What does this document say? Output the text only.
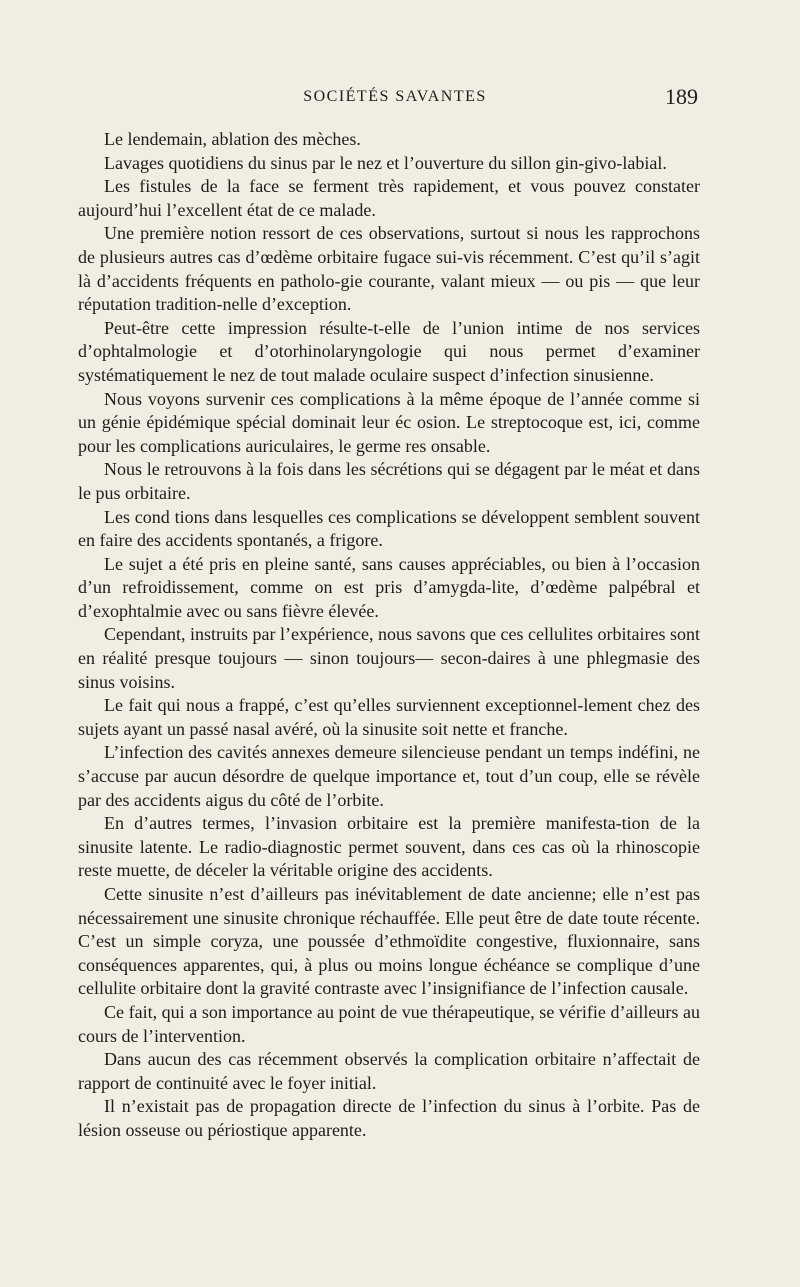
SOCIÉTÉS SAVANTES	189

Le lendemain, ablation des mèches.

Lavages quotidiens du sinus par le nez et l’ouverture du sillon gin-givo-labial.

Les fistules de la face se ferment très rapidement, et vous pouvez constater aujourd’hui l’excellent état de ce malade.

Une première notion ressort de ces observations, surtout si nous les rapprochons de plusieurs autres cas d’œdème orbitaire fugace sui-vis récemment. C’est qu’il s’agit là d’accidents fréquents en patholo-gie courante, valant mieux — ou pis — que leur réputation tradition-nelle d’exception.

Peut-être cette impression résulte-t-elle de l’union intime de nos services d’ophtalmologie et d’otorhinolaryngologie qui nous permet d’examiner systématiquement le nez de tout malade oculaire suspect d’infection sinusienne.

Nous voyons survenir ces complications à la même époque de l’année comme si un génie épidémique spécial dominait leur éc osion. Le streptocoque est, ici, comme pour les complications auriculaires, le germe res onsable.

Nous le retrouvons à la fois dans les sécrétions qui se dégagent par le méat et dans le pus orbitaire.

Les cond tions dans lesquelles ces complications se développent semblent souvent en faire des accidents spontanés, a frigore.

Le sujet a été pris en pleine santé, sans causes appréciables, ou bien à l’occasion d’un refroidissement, comme on est pris d’amygda-lite, d’œdème palpébral et d’exophtalmie avec ou sans fièvre élevée.

Cependant, instruits par l’expérience, nous savons que ces cellulites orbitaires sont en réalité presque toujours — sinon toujours— secon-daires à une phlegmasie des sinus voisins.

Le fait qui nous a frappé, c’est qu’elles surviennent exceptionnel-lement chez des sujets ayant un passé nasal avéré, où la sinusite soit nette et franche.

L’infection des cavités annexes demeure silencieuse pendant un temps indéfini, ne s’accuse par aucun désordre de quelque importance et, tout d’un coup, elle se révèle par des accidents aigus du côté de l’orbite.

En d’autres termes, l’invasion orbitaire est la première manifesta-tion de la sinusite latente. Le radio-diagnostic permet souvent, dans ces cas où la rhinoscopie reste muette, de déceler la véritable origine des accidents.

Cette sinusite n’est d’ailleurs pas inévitablement de date ancienne; elle n’est pas nécessairement une sinusite chronique réchauffée. Elle peut être de date toute récente. C’est un simple coryza, une poussée d’ethmoïdite congestive, fluxionnaire, sans conséquences apparentes, qui, à plus ou moins longue échéance se complique d’une cellulite orbitaire dont la gravité contraste avec l’insignifiance de l’infection causale.

Ce fait, qui a son importance au point de vue thérapeutique, se vérifie d’ailleurs au cours de l’intervention.

Dans aucun des cas récemment observés la complication orbitaire n’affectait de rapport de continuité avec le foyer initial.

Il n’existait pas de propagation directe de l’infection du sinus à l’orbite. Pas de lésion osseuse ou périostique apparente.
